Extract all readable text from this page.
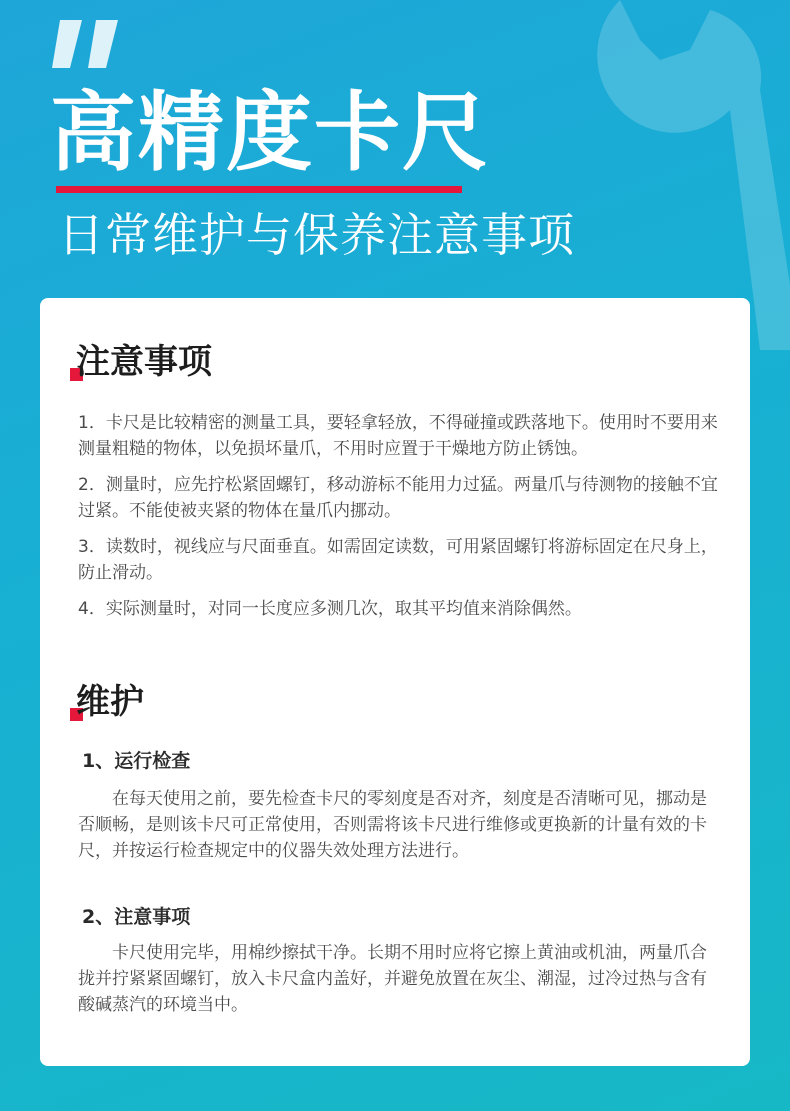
高精度卡尺
日常维护与保养注意事项
注意事项

1．卡尺是比较精密的测量工具，要轻拿轻放，不得碰撞或跌落地下。使用时不要用来测量粗糙的物体，以免损坏量爪，不用时应置于干燥地方防止锈蚀。

2．测量时，应先拧松紧固螺钉，移动游标不能用力过猛。两量爪与待测物的接触不宜过紧。不能使被夹紧的物体在量爪内挪动。

3．读数时，视线应与尺面垂直。如需固定读数，可用紧固螺钉将游标固定在尺身上，防止滑动。

4．实际测量时，对同一长度应多测几次，取其平均值来消除偶然。

维护
1、运行检查

在每天使用之前，要先检查卡尺的零刻度是否对齐，刻度是否清晰可见，挪动是否顺畅，是则该卡尺可正常使用，否则需将该卡尺进行维修或更换新的计量有效的卡尺，并按运行检查规定中的仪器失效处理方法进行。

2、注意事项

卡尺使用完毕，用棉纱擦拭干净。长期不用时应将它擦上黄油或机油，两量爪合拢并拧紧紧固螺钉，放入卡尺盒内盖好，并避免放置在灰尘、潮湿，过冷过热与含有酸碱蒸汽的环境当中。
